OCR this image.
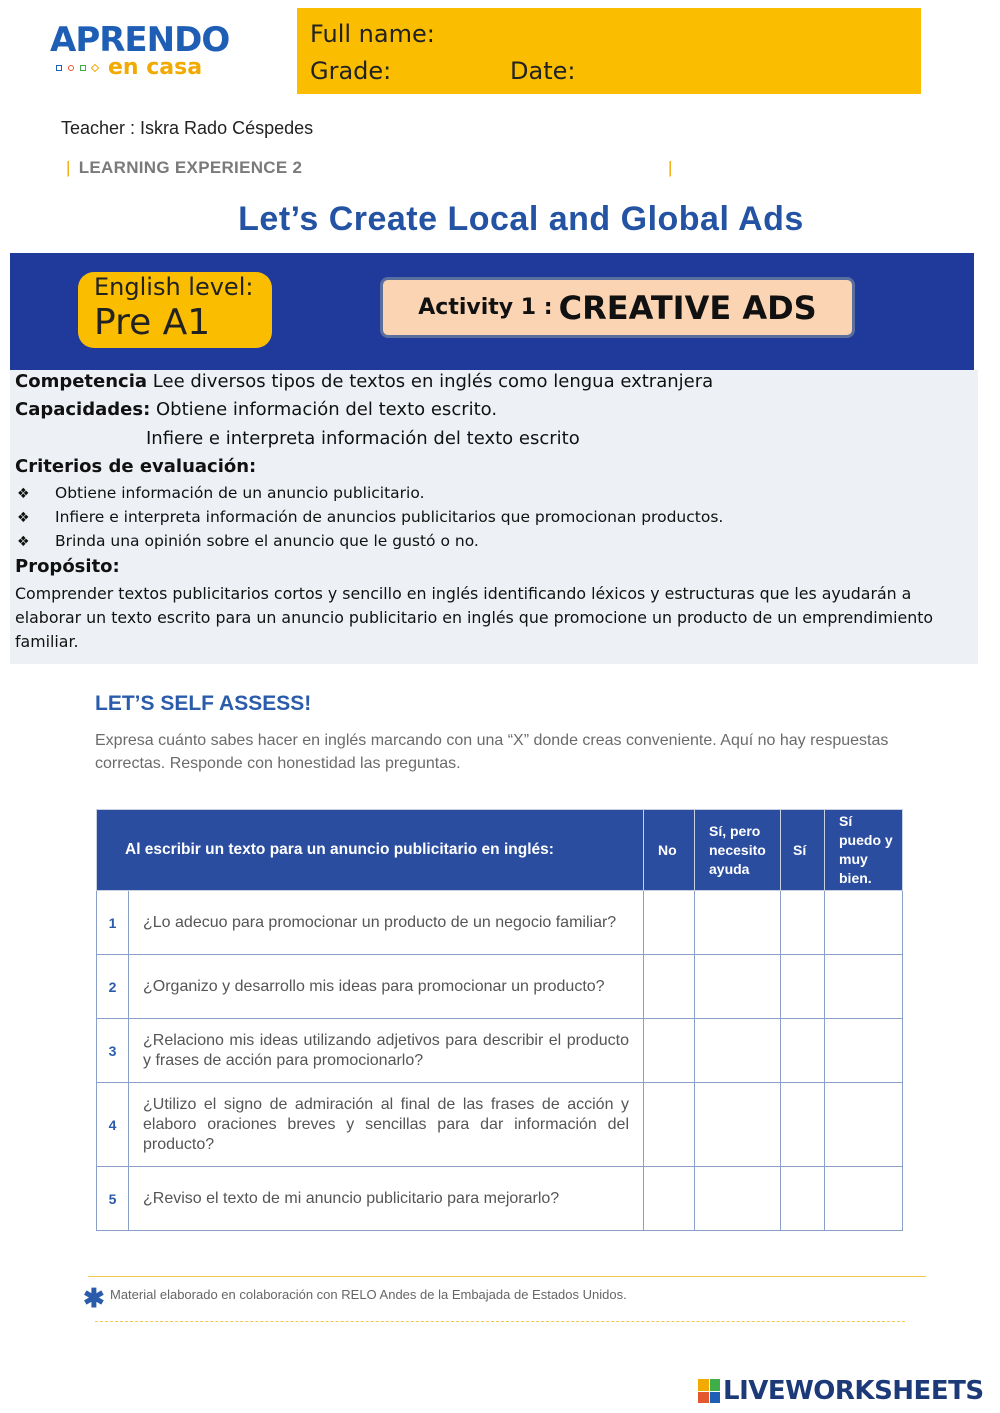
APRENDO
en casa
Full name:
Grade:	Date:
Teacher : Iskra Rado Céspedes
| LEARNING EXPERIENCE 2	|
Let’s Create Local and Global Ads
English level:
Pre A1	Activity 1 : CREATIVE ADS
Competencia Lee diversos tipos de textos en inglés como lengua extranjera
Capacidades: Obtiene información del texto escrito.
Infiere e interpreta información del texto escrito
Criterios de evaluación:
❖ Obtiene información de un anuncio publicitario.
❖ Infiere e interpreta información de anuncios publicitarios que promocionan productos.
❖ Brinda una opinión sobre el anuncio que le gustó o no.
Propósito:
Comprender textos publicitarios cortos y sencillo en inglés identificando léxicos y estructuras que les ayudarán a elaborar un texto escrito para un anuncio publicitario en inglés que promocione un producto de un emprendimiento familiar.
LET’S SELF ASSESS!
Expresa cuánto sabes hacer en inglés marcando con una “X” donde creas conveniente. Aquí no hay respuestas correctas. Responde con honestidad las preguntas.
Al escribir un texto para un anuncio publicitario en inglés:		No	Sí, pero necesito ayuda	Sí	Sí puedo y muy bien.
1	¿Lo adecuo para promocionar un producto de un negocio familiar?				
2	¿Organizo y desarrollo mis ideas para promocionar un producto?				
3	¿Relaciono mis ideas utilizando adjetivos para describir el producto y frases de acción para promocionarlo?				
4	¿Utilizo el signo de admiración al final de las frases de acción y elaboro oraciones breves y sencillas para dar información del producto?				
5	¿Reviso el texto de mi anuncio publicitario para mejorarlo?				
✱ Material elaborado en colaboración con RELO Andes de la Embajada de Estados Unidos.
LIVEWORKSHEETS
